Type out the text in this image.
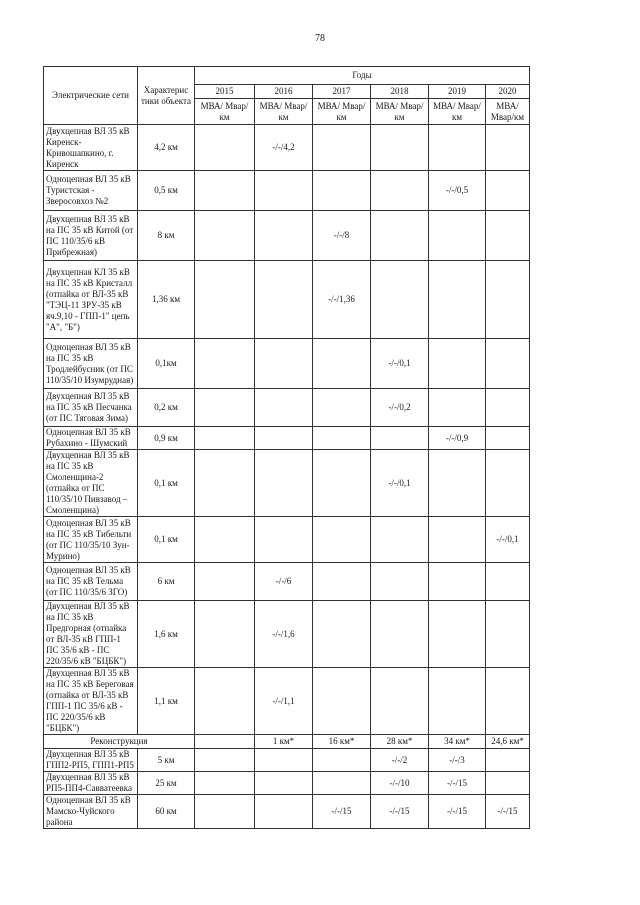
78
Электрические сети	Характерис тики объекта	Годы					
		2015	2016	2017	2018	2019	2020
		МВА/ Мвар/км	МВА/ Мвар/км	МВА/ Мвар/км	МВА/ Мвар/км	МВА/ Мвар/км	МВА/ Мвар/км
Двухцепная ВЛ 35 кВ Киренск-Кривошапкино, г. Киренск	4,2 км		-/-/4,2				
Одноцепная ВЛ 35 кВ Туристская - Зверосовхоз №2	0,5 км					-/-/0,5	
Двухцепная ВЛ 35 кВ на ПС 35 кВ Китой (от ПС 110/35/6 кВ Прибрежная)	8 км			-/-/8			
Двухцепная КЛ 35 кВ на ПС 35 кВ Кристалл (отпайка от ВЛ-35 кВ "ТЭЦ-11 ЗРУ-35 кВ яч.9,10 - ГПП-1" цепь "А", "Б")	1,36 км			-/-/1,36			
Одноцепная ВЛ 35 кВ на ПС 35 кВ Тродлейбусник (от ПС 110/35/10 Изумрудная)	0,1км				-/-/0,1		
Двухцепная ВЛ 35 кВ на ПС 35 кВ Песчанка (от ПС Тяговая Зима)	0,2 км				-/-/0,2		
Одноцепная ВЛ 35 кВ Рубахино - Шумский	0,9 км					-/-/0,9	
Двухцепная ВЛ 35 кВ на ПС 35 кВ Смоленщина-2 (отпайка от ПС 110/35/10 Пивзавод – Смоленщина)	0,1 км				-/-/0,1		
Одноцепная ВЛ 35 кВ на ПС 35 кВ Тибельти (от ПС 110/35/10 Зун-Мурино)	0,1 км						-/-/0,1
Одноцепная ВЛ 35 кВ на ПС 35 кВ Тельма (от ПС 110/35/6 ЗГО)	6 км		-/-/6				
Двухцепная ВЛ 35 кВ на ПС 35 кВ Предгорная (отпайка от ВЛ-35 кВ ГПП-1 ПС 35/6 кВ - ПС 220/35/6 кВ "БЦБК")	1,6 км		-/-/1,6				
Двухцепная ВЛ 35 кВ на ПС 35 кВ Береговая (отпайка от ВЛ-35 кВ ГПП-1 ПС 35/6 кВ - ПС 220/35/6 кВ "БЦБК")	1,1 км		-/-/1,1				
Реконструкция			1 км*	16 км*	28 км*	34 км*	24,6 км*
Двухцепная ВЛ 35 кВ ГПП2-РП5, ГПП1-РП5	5 км				-/-/2	-/-/3	
Двухцепная ВЛ 35 кВ РП5-ПП4-Савватеевка	25 км				-/-/10	-/-/15	
Одноцепная ВЛ 35 кВ Мамско-Чуйского района	60 км			-/-/15	-/-/15	-/-/15	-/-/15
